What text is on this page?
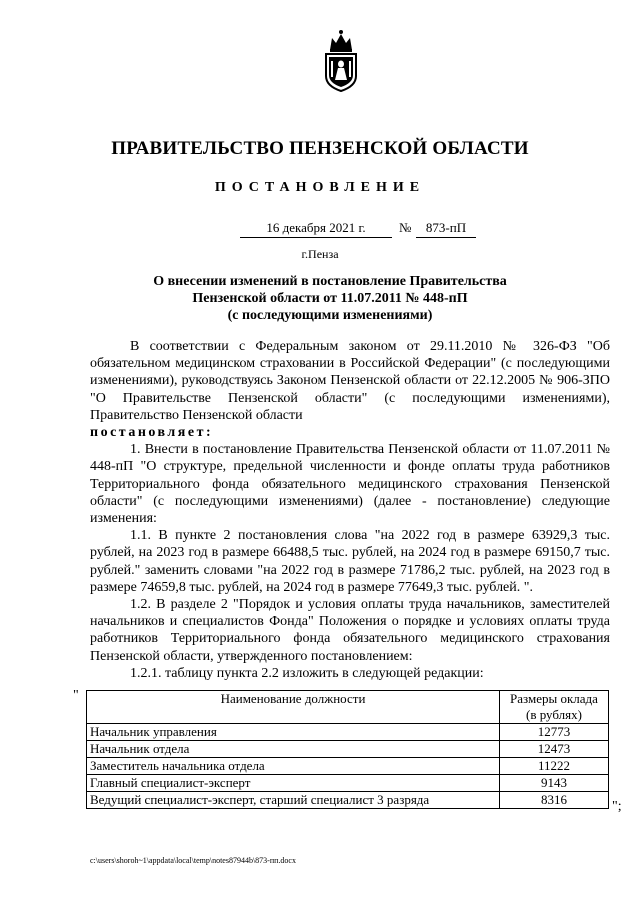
ПРАВИТЕЛЬСТВО ПЕНЗЕНСКОЙ ОБЛАСТИ
ПОСТАНОВЛЕНИЕ
16 декабря 2021 г.	№	873-пП
г.Пенза
О внесении изменений в постановление Правительства
Пензенской области от 11.07.2011 № 448-пП
(с последующими изменениями)

В соответствии с Федеральным законом от 29.11.2010 № 326-ФЗ "Об обязательном медицинском страховании в Российской Федерации" (с последующими изменениями), руководствуясь Законом Пензенской области от 22.12.2005 № 906-ЗПО "О Правительстве Пензенской области" (с последующими изменениями), Правительство Пензенской области

постановляет:

1. Внести в постановление Правительства Пензенской области от 11.07.2011 № 448-пП "О структуре, предельной численности и фонде оплаты труда работников Территориального фонда обязательного медицинского страхования Пензенской области" (с последующими изменениями) (далее - постановление) следующие изменения:

1.1. В пункте 2 постановления слова "на 2022 год в размере 63929,3 тыс. рублей, на 2023 год в размере 66488,5 тыс. рублей, на 2024 год в размере 69150,7 тыс. рублей." заменить словами "на 2022 год в размере 71786,2 тыс. рублей, на 2023 год в размере 74659,8 тыс. рублей, на 2024 год в размере 77649,3 тыс. рублей. ".

1.2. В разделе 2 "Порядок и условия оплаты труда начальников, заместителей начальников и специалистов Фонда" Положения о порядке и условиях оплаты труда работников Территориального фонда обязательного медицинского страхования Пензенской области, утвержденного постановлением:

1.2.1. таблицу пункта 2.2 изложить в следующей редакции:

"	Наименование должности	Размеры оклада
(в рублях)

Начальник управления	12773
Начальник отдела	12473
Заместитель начальника отдела	11222
Главный специалист-эксперт	9143
Ведущий специалист-эксперт, старший специалист 3 разряда	8316	";
c:\users\shoroh~1\appdata\local\temp\notes87944b\873-пп.docx
